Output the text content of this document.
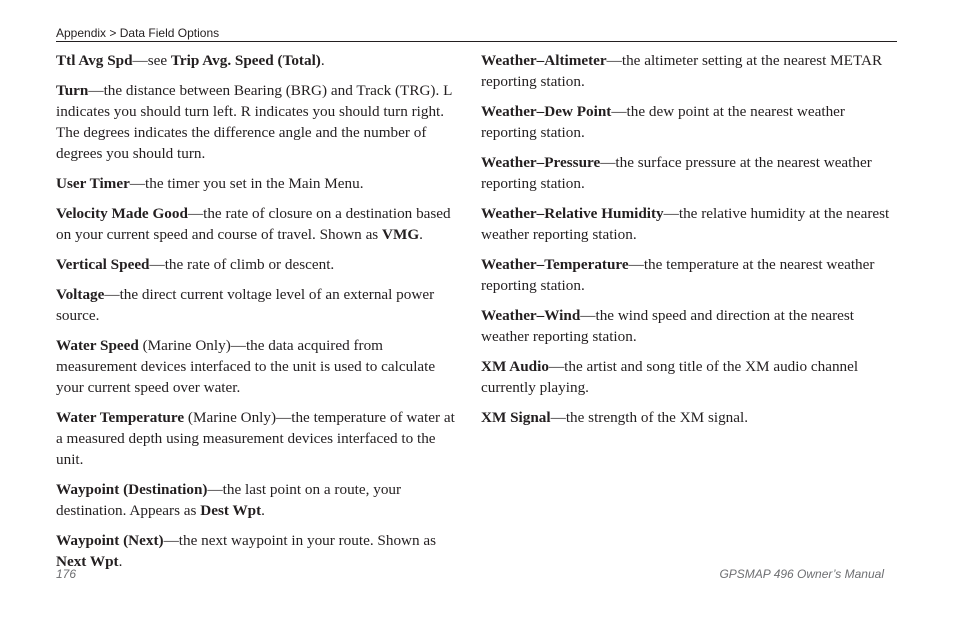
Appendix > Data Field Options

Ttl Avg Spd—see Trip Avg. Speed (Total).

Turn—the distance between Bearing (BRG) and Track (TRG). L indicates you should turn left. R indicates you should turn right. The degrees indicates the difference angle and the number of degrees you should turn.

User Timer—the timer you set in the Main Menu.

Velocity Made Good—the rate of closure on a destination based on your current speed and course of travel. Shown as VMG.

Vertical Speed—the rate of climb or descent.

Voltage—the direct current voltage level of an external power source.

Water Speed (Marine Only)—the data acquired from measurement devices interfaced to the unit is used to calculate your current speed over water.

Water Temperature (Marine Only)—the temperature of water at a measured depth using measurement devices interfaced to the unit.

Waypoint (Destination)—the last point on a route, your destination. Appears as Dest Wpt.

Waypoint (Next)—the next waypoint in your route. Shown as Next Wpt.

Weather–Altimeter—the altimeter setting at the nearest METAR reporting station.

Weather–Dew Point—the dew point at the nearest weather reporting station.

Weather–Pressure—the surface pressure at the nearest weather reporting station.

Weather–Relative Humidity—the relative humidity at the nearest weather reporting station.

Weather–Temperature—the temperature at the nearest weather reporting station.

Weather–Wind—the wind speed and direction at the nearest weather reporting station.

XM Audio—the artist and song title of the XM audio channel currently playing.

XM Signal—the strength of the XM signal.

176	GPSMAP 496 Owner’s Manual
